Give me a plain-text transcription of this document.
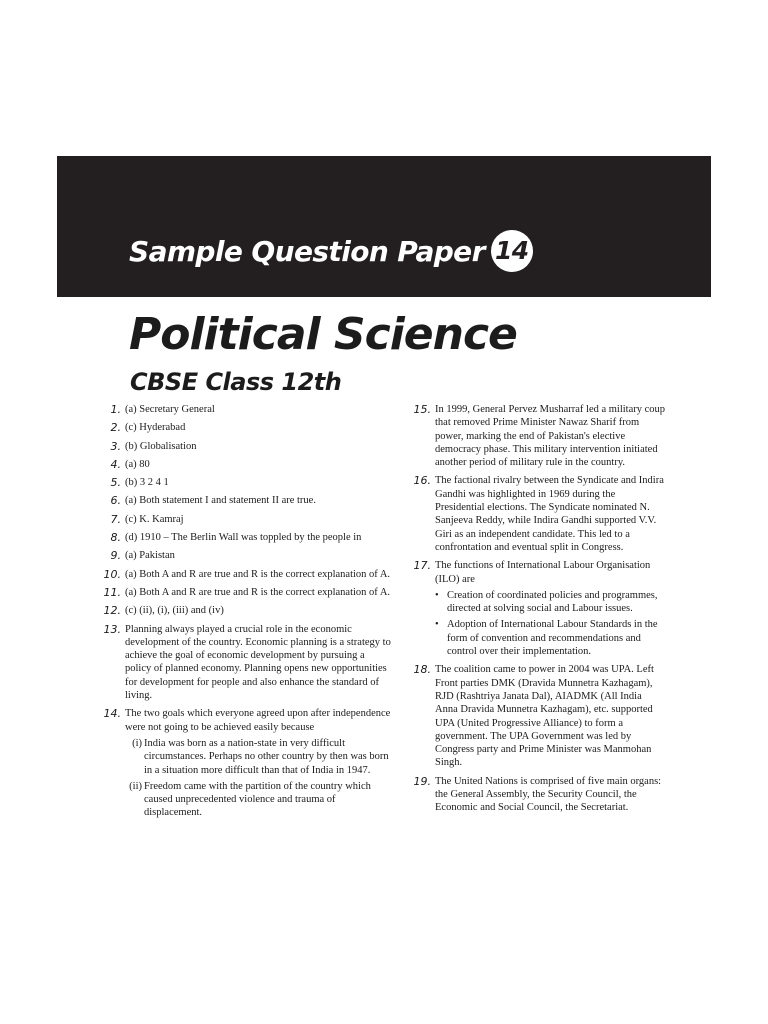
Sample Question Paper 14
Political Science
CBSE Class 12th
1. (a) Secretary General

2. (c) Hyderabad

3. (b) Globalisation

4. (a) 80

5. (b) 3 2 4 1

6. (a) Both statement I and statement II are true.

7. (c) K. Kamraj

8. (d) 1910 – The Berlin Wall was toppled by the people in

9. (a) Pakistan

10. (a) Both A and R are true and R is the correct explanation of A.

11. (a) Both A and R are true and R is the correct explanation of A.

12. (c) (ii), (i), (iii) and (iv)

13. Planning always played a crucial role in the economic development of the country. Economic planning is a strategy to achieve the goal of economic development by pursuing a policy of planned economy. Planning opens new opportunities for development for people and also enhance the standard of living.

14. The two goals which everyone agreed upon after independence were not going to be achieved easily because

(i) India was born as a nation-state in very difficult circumstances. Perhaps no other country by then was born in a situation more difficult than that of India in 1947.

(ii) Freedom came with the partition of the country which caused unprecedented violence and trauma of displacement.

15. In 1999, General Pervez Musharraf led a military coup that removed Prime Minister Nawaz Sharif from power, marking the end of Pakistan's elective democracy phase. This military intervention initiated another period of military rule in the country.

16. The factional rivalry between the Syndicate and Indira Gandhi was highlighted in 1969 during the Presidential elections. The Syndicate nominated N. Sanjeeva Reddy, while Indira Gandhi supported V.V. Giri as an independent candidate. This led to a confrontation and eventual split in Congress.

17. The functions of International Labour Organisation (ILO) are

• Creation of coordinated policies and programmes, directed at solving social and Labour issues.

• Adoption of International Labour Standards in the form of convention and recommendations and control over their implementation.

18. The coalition came to power in 2004 was UPA. Left Front parties DMK (Dravida Munnetra Kazhagam), RJD (Rashtriya Janata Dal), AIADMK (All India Anna Dravida Munnetra Kazhagam), etc. supported UPA (United Progressive Alliance) to form a government. The UPA Government was led by Congress party and Prime Minister was Manmohan Singh.

19. The United Nations is comprised of five main organs: the General Assembly, the Security Council, the Economic and Social Council, the Secretariat.
